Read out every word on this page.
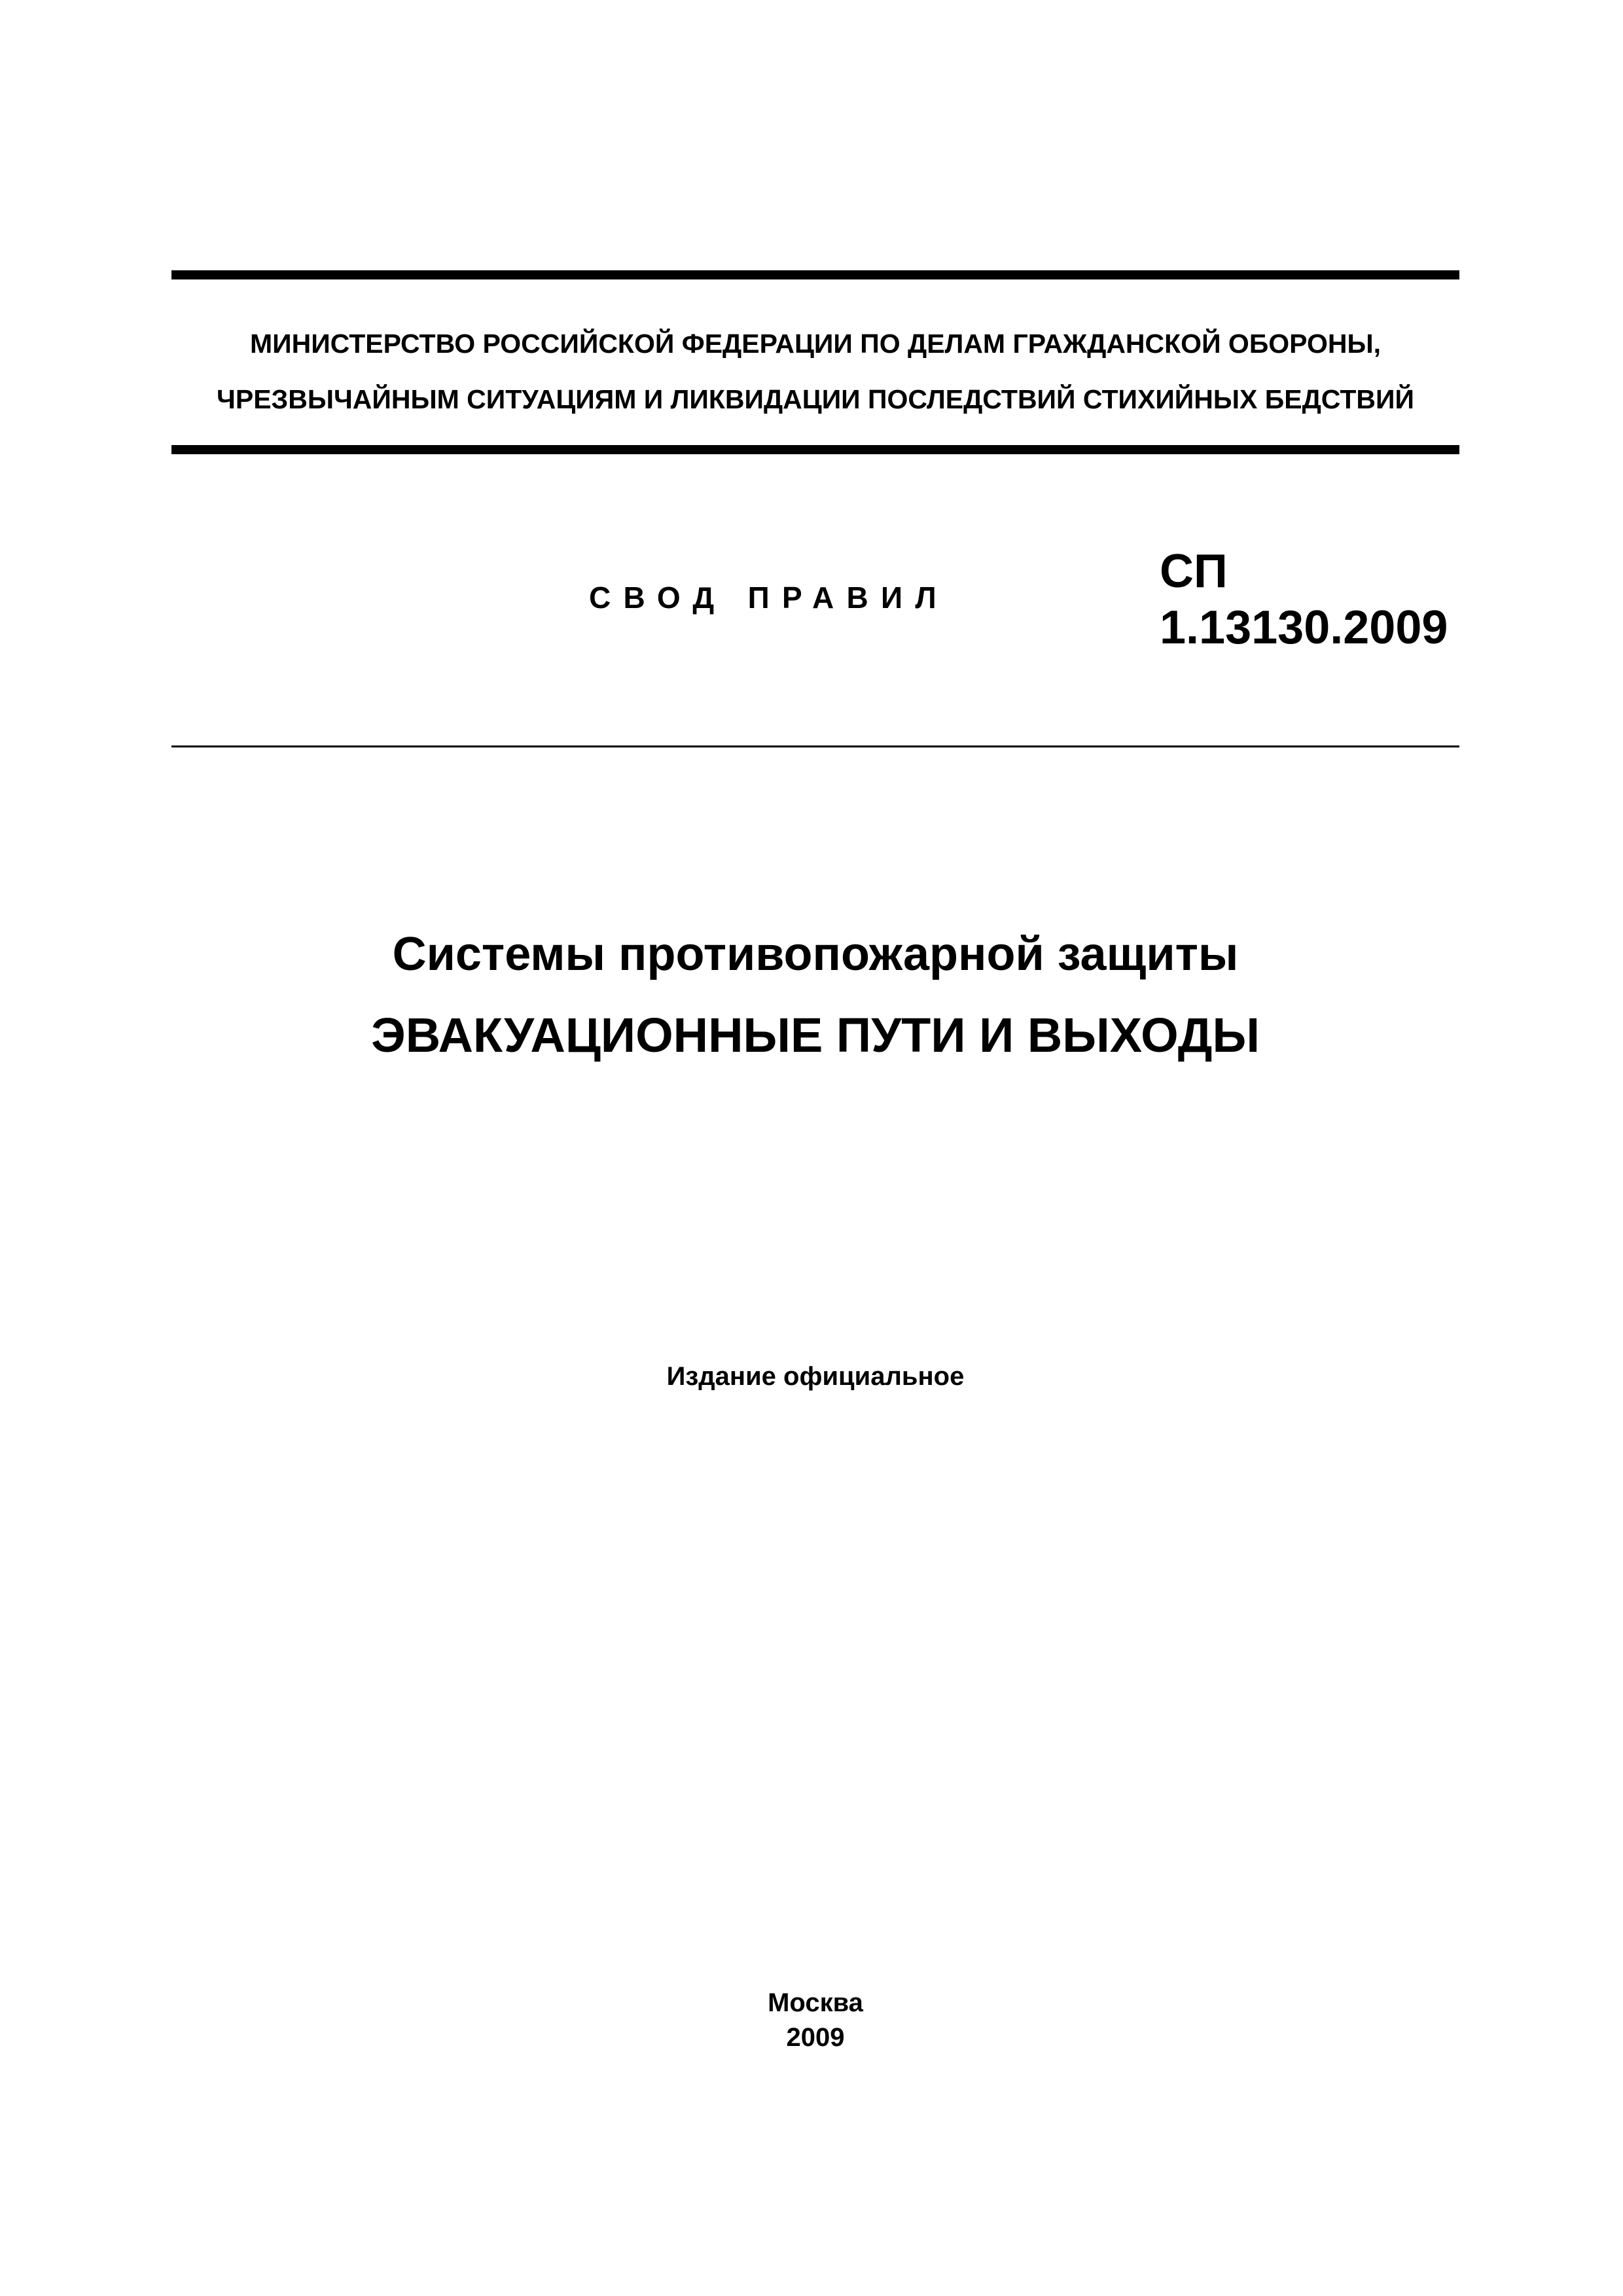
МИНИСТЕРСТВО РОССИЙСКОЙ ФЕДЕРАЦИИ ПО ДЕЛАМ ГРАЖДАНСКОЙ ОБОРОНЫ,
ЧРЕЗВЫЧАЙНЫМ СИТУАЦИЯМ И ЛИКВИДАЦИИ ПОСЛЕДСТВИЙ СТИХИЙНЫХ БЕДСТВИЙ
СВОД ПРАВИЛ	СП
1.13130.2009
Системы противопожарной защиты
ЭВАКУАЦИОННЫЕ ПУТИ И ВЫХОДЫ
Издание официальное
Москва
2009
